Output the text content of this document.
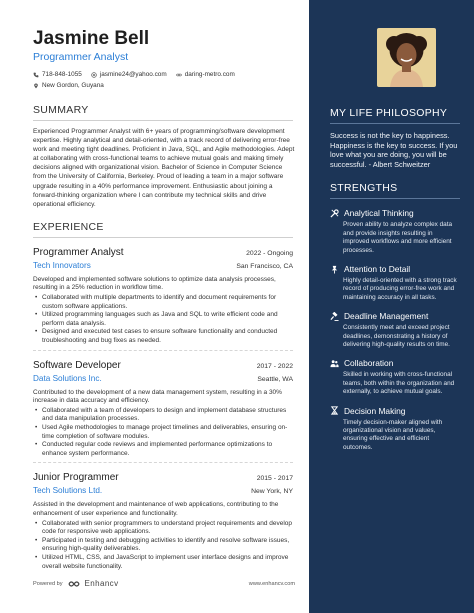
Jasmine Bell
Programmer Analyst
718-848-1055	jasmine24@yahoo.com	daring-metro.com
New Gordon, Guyana
SUMMARY
Experienced Programmer Analyst with 6+ years of programming/software development expertise. Highly analytical and detail-oriented, with a track record of delivering error-free work and meeting tight deadlines. Proficient in Java, SQL, and Agile methodologies. Adept at collaborating with cross-functional teams to achieve mutual goals and making timely decisions aligned with organizational vision. Bachelor of Science in Computer Science from the University of California, Berkeley. Proud of leading a team in a major software upgrade resulting in a 40% performance improvement. Enthusiastic about joining a forward-thinking organization where I can contribute my technical skills and drive operational efficiency.
EXPERIENCE
Programmer Analyst	2022 - Ongoing
Tech Innovators	San Francisco, CA
Developed and implemented software solutions to optimize data analysis processes, resulting in a 25% reduction in workflow time.
• Collaborated with multiple departments to identify and document requirements for custom software applications.
• Utilized programming languages such as Java and SQL to write efficient code and perform data analysis.
• Designed and executed test cases to ensure software functionality and conducted troubleshooting and bug fixes as needed.
Software Developer	2017 - 2022
Data Solutions Inc.	Seattle, WA
Contributed to the development of a new data management system, resulting in a 30% increase in data accuracy and efficiency.
• Collaborated with a team of developers to design and implement database structures and data manipulation processes.
• Used Agile methodologies to manage project timelines and deliverables, ensuring on-time completion of software modules.
• Conducted regular code reviews and implemented performance optimizations to enhance system performance.
Junior Programmer	2015 - 2017
Tech Solutions Ltd.	New York, NY
Assisted in the development and maintenance of web applications, contributing to the enhancement of user experience and functionality.
• Collaborated with senior programmers to understand project requirements and develop code for responsive web applications.
• Participated in testing and debugging activities to identify and resolve software issues, ensuring high-quality deliverables.
• Utilized HTML, CSS, and JavaScript to implement user interface designs and improve overall website functionality.
Powered by	Enhancv	www.enhancv.com
MY LIFE PHILOSOPHY
Success is not the key to happiness. Happiness is the key to success. If you love what you are doing, you will be successful. - Albert Schweitzer
STRENGTHS
Analytical Thinking
Proven ability to analyze complex data and provide insights resulting in improved workflows and more efficient processes.
Attention to Detail
Highly detail-oriented with a strong track record of producing error-free work and maintaining accuracy in all tasks.
Deadline Management
Consistently meet and exceed project deadlines, demonstrating a history of delivering high-quality results on time.
Collaboration
Skilled in working with cross-functional teams, both within the organization and externally, to achieve mutual goals.
Decision Making
Timely decision-maker aligned with organizational vision and values, ensuring effective and efficient outcomes.
